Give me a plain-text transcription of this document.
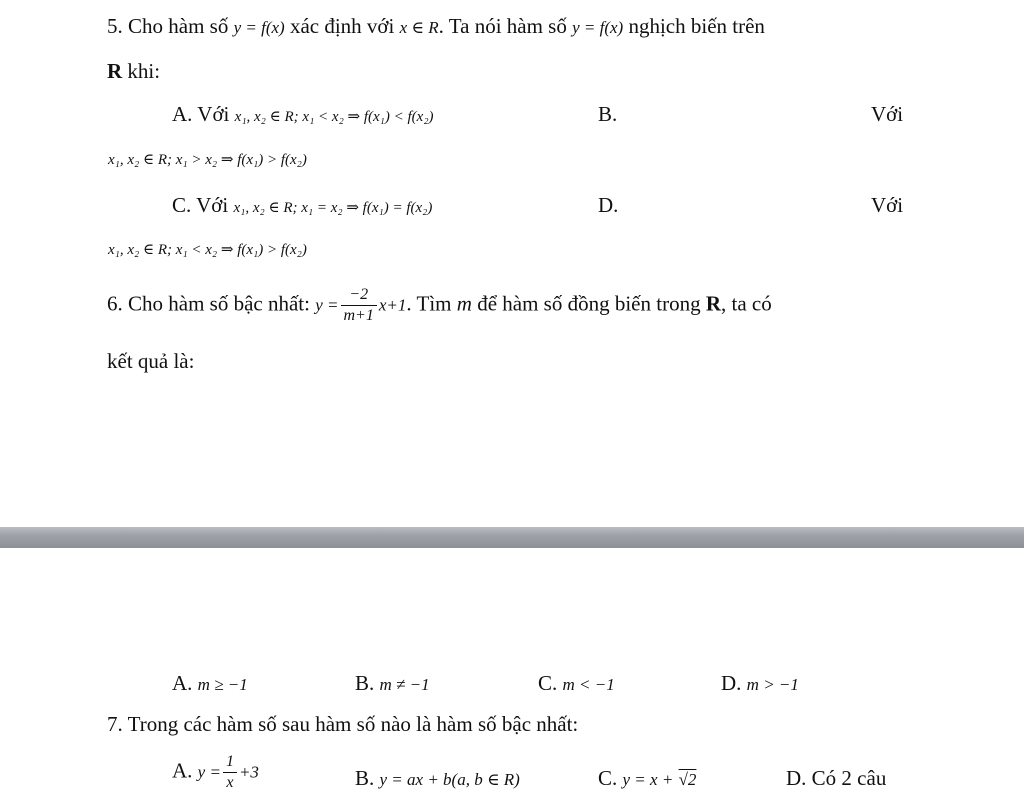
5. Cho hàm số y = f(x) xác định với x ∈ R. Ta nói hàm số y = f(x) nghịch biến trên
R khi:
A. Với x₁, x₂ ∈ R; x₁ < x₂ ⇒ f(x₁) < f(x₂)	B.	Với
x₁, x₂ ∈ R; x₁ > x₂ ⇒ f(x₁) > f(x₂)
C. Với x₁, x₂ ∈ R; x₁ = x₂ ⇒ f(x₁) = f(x₂)	D.	Với
x₁, x₂ ∈ R; x₁ < x₂ ⇒ f(x₁) > f(x₂)
6. Cho hàm số bậc nhất: $y = \frac{-2}{m+1} x+1$. Tìm m để hàm số đồng biến trong R, ta có
kết quả là:
A. m ≥ −1	B. m ≠ −1	C. m < −1	D. m > −1
7. Trong các hàm số sau hàm số nào là hàm số bậc nhất:
A. $y = \frac{1}{x} +3$	B. y = ax + b(a, b ∈ R)	C. y = x + √2	D. Có 2 câu
